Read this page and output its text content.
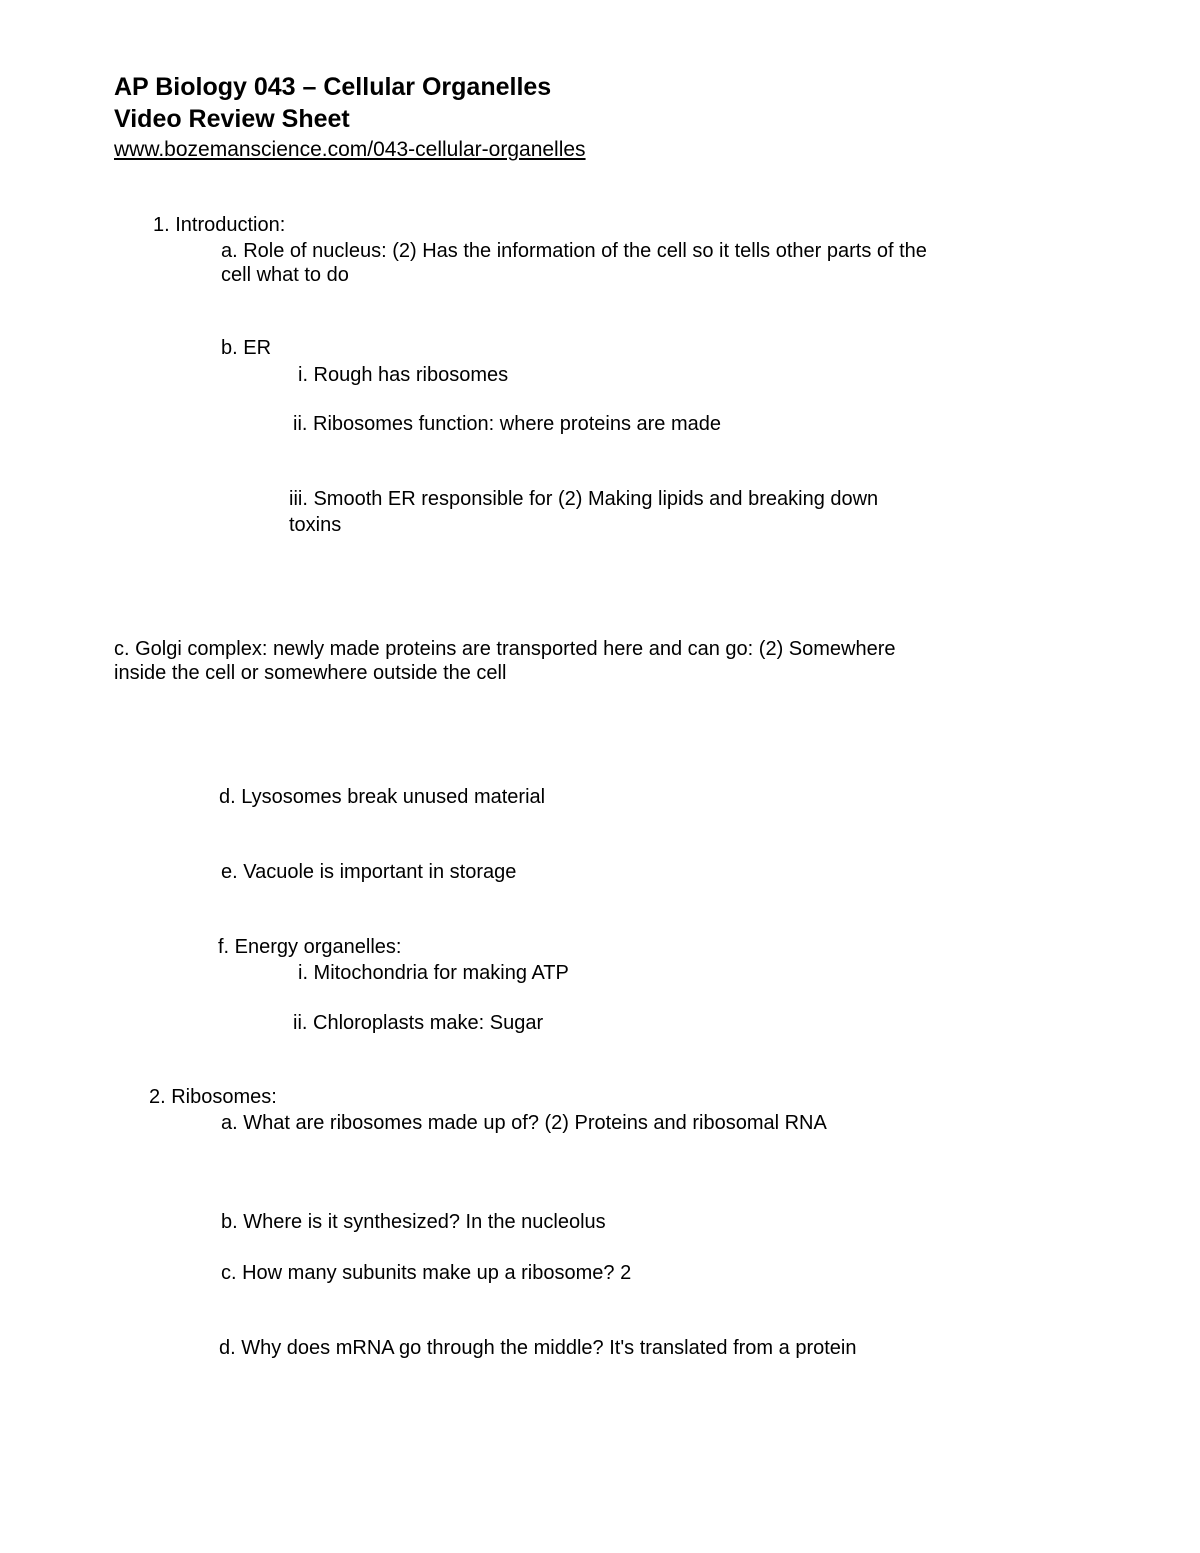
AP Biology 043 – Cellular Organelles
Video Review Sheet
www.bozemanscience.com/043-cellular-organelles
1. Introduction:
a. Role of nucleus: (2) Has the information of the cell so it tells other parts of the
cell what to do
b. ER
i. Rough has ribosomes
ii. Ribosomes function: where proteins are made
iii. Smooth ER responsible for (2) Making lipids and breaking down
toxins
c. Golgi complex: newly made proteins are transported here and can go: (2) Somewhere
inside the cell or somewhere outside the cell
d. Lysosomes break unused material
e. Vacuole is important in storage
f. Energy organelles:
i. Mitochondria for making ATP
ii. Chloroplasts make: Sugar
2. Ribosomes:
a. What are ribosomes made up of? (2) Proteins and ribosomal RNA
b. Where is it synthesized? In the nucleolus
c. How many subunits make up a ribosome? 2
d. Why does mRNA go through the middle? It's translated from a protein
